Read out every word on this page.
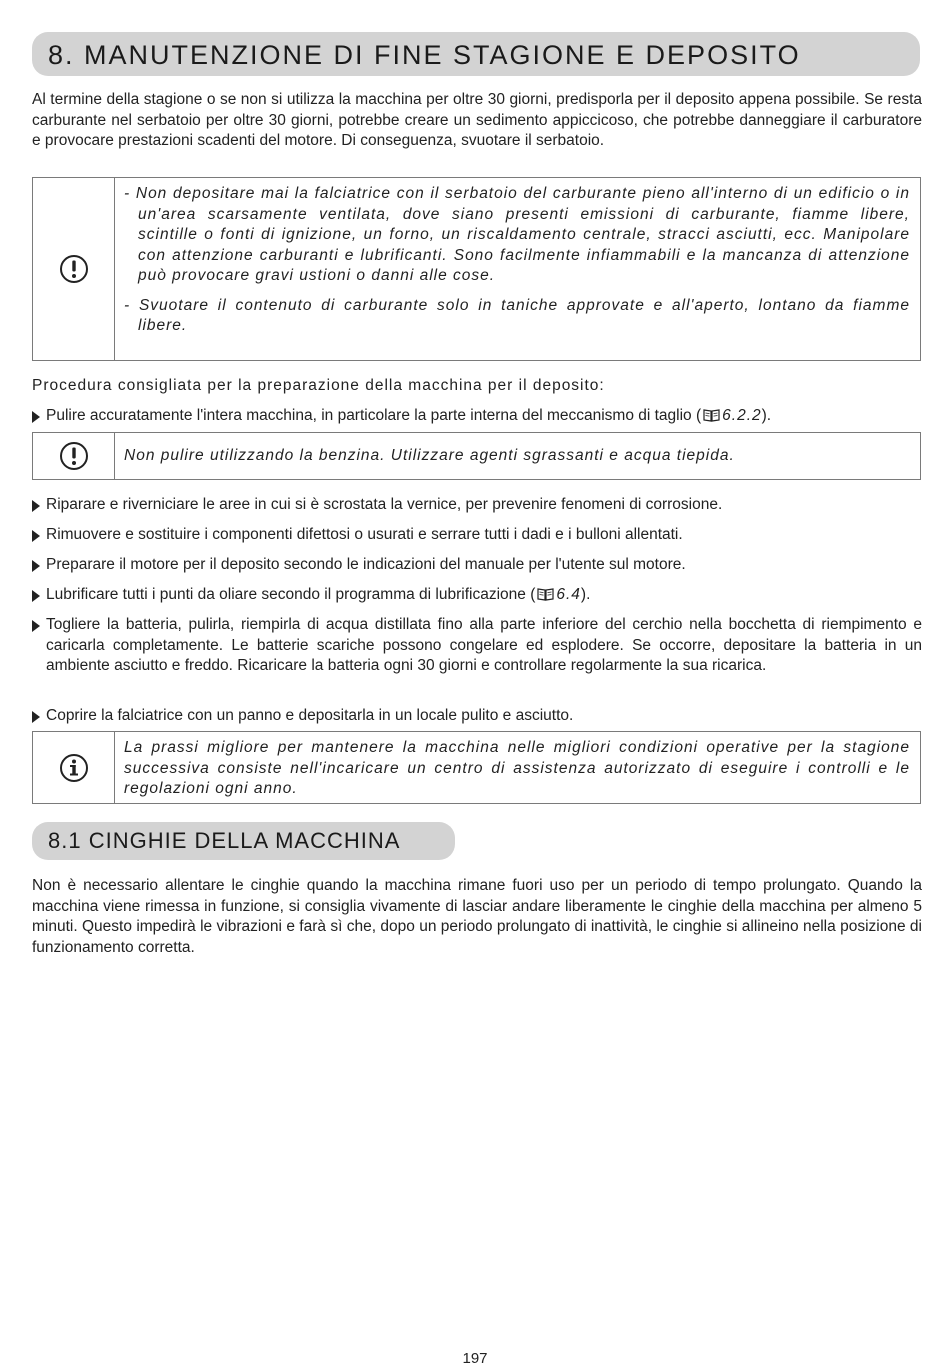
8. MANUTENZIONE DI FINE STAGIONE E DEPOSITO

Al termine della stagione o se non si utilizza la macchina per oltre 30 giorni, predisporla per il deposito appena possibile. Se resta carburante nel serbatoio per oltre 30 giorni, potrebbe creare un sedimento appiccicoso, che potrebbe danneggiare il carburatore e provocare prestazioni scadenti del motore. Di conseguenza, svuotare il serbatoio.

- Non depositare mai la falciatrice con il serbatoio del carburante pieno all'interno di un edificio o in un'area scarsamente ventilata, dove siano presenti emissioni di carburante, fiamme libere, scintille o fonti di ignizione, un forno, un riscaldamento centrale, stracci asciutti, ecc. Manipolare con attenzione carburanti e lubrificanti. Sono facilmente infiammabili e la mancanza di attenzione può provocare gravi ustioni o danni alle cose.

- Svuotare il contenuto di carburante solo in taniche approvate e all'aperto, lontano da fiamme libere.

Procedura consigliata per la preparazione della macchina per il deposito:
Pulire accuratamente l'intera macchina, in particolare la parte interna del meccanismo di taglio ( 6.2.2).
Non pulire utilizzando la benzina. Utilizzare agenti sgrassanti e acqua tiepida.
Riparare e riverniciare le aree in cui si è scrostata la vernice, per prevenire fenomeni di corrosione.
Rimuovere e sostituire i componenti difettosi o usurati e serrare tutti i dadi e i bulloni allentati.
Preparare il motore per il deposito secondo le indicazioni del manuale per l'utente sul motore.
Lubrificare tutti i punti da oliare secondo il programma di lubrificazione ( 6.4).
Togliere la batteria, pulirla, riempirla di acqua distillata fino alla parte inferiore del cerchio nella bocchetta di riempimento e caricarla completamente. Le batterie scariche possono congelare ed esplodere. Se occorre, depositare la batteria in un ambiente asciutto e freddo. Ricaricare la batteria ogni 30 giorni e controllare regolarmente la sua ricarica.
Coprire la falciatrice con un panno e depositarla in un locale pulito e asciutto.
La prassi migliore per mantenere la macchina nelle migliori condizioni operative per la stagione successiva consiste nell'incaricare un centro di assistenza autorizzato di eseguire i controlli e le regolazioni ogni anno.
8.1 CINGHIE DELLA MACCHINA

Non è necessario allentare le cinghie quando la macchina rimane fuori uso per un periodo di tempo prolungato. Quando la macchina viene rimessa in funzione, si consiglia vivamente di lasciar andare liberamente le cinghie della macchina per almeno 5 minuti. Questo impedirà le vibrazioni e farà sì che, dopo un periodo prolungato di inattività, le cinghie si allineino nella posizione di funzionamento corretta.

197
